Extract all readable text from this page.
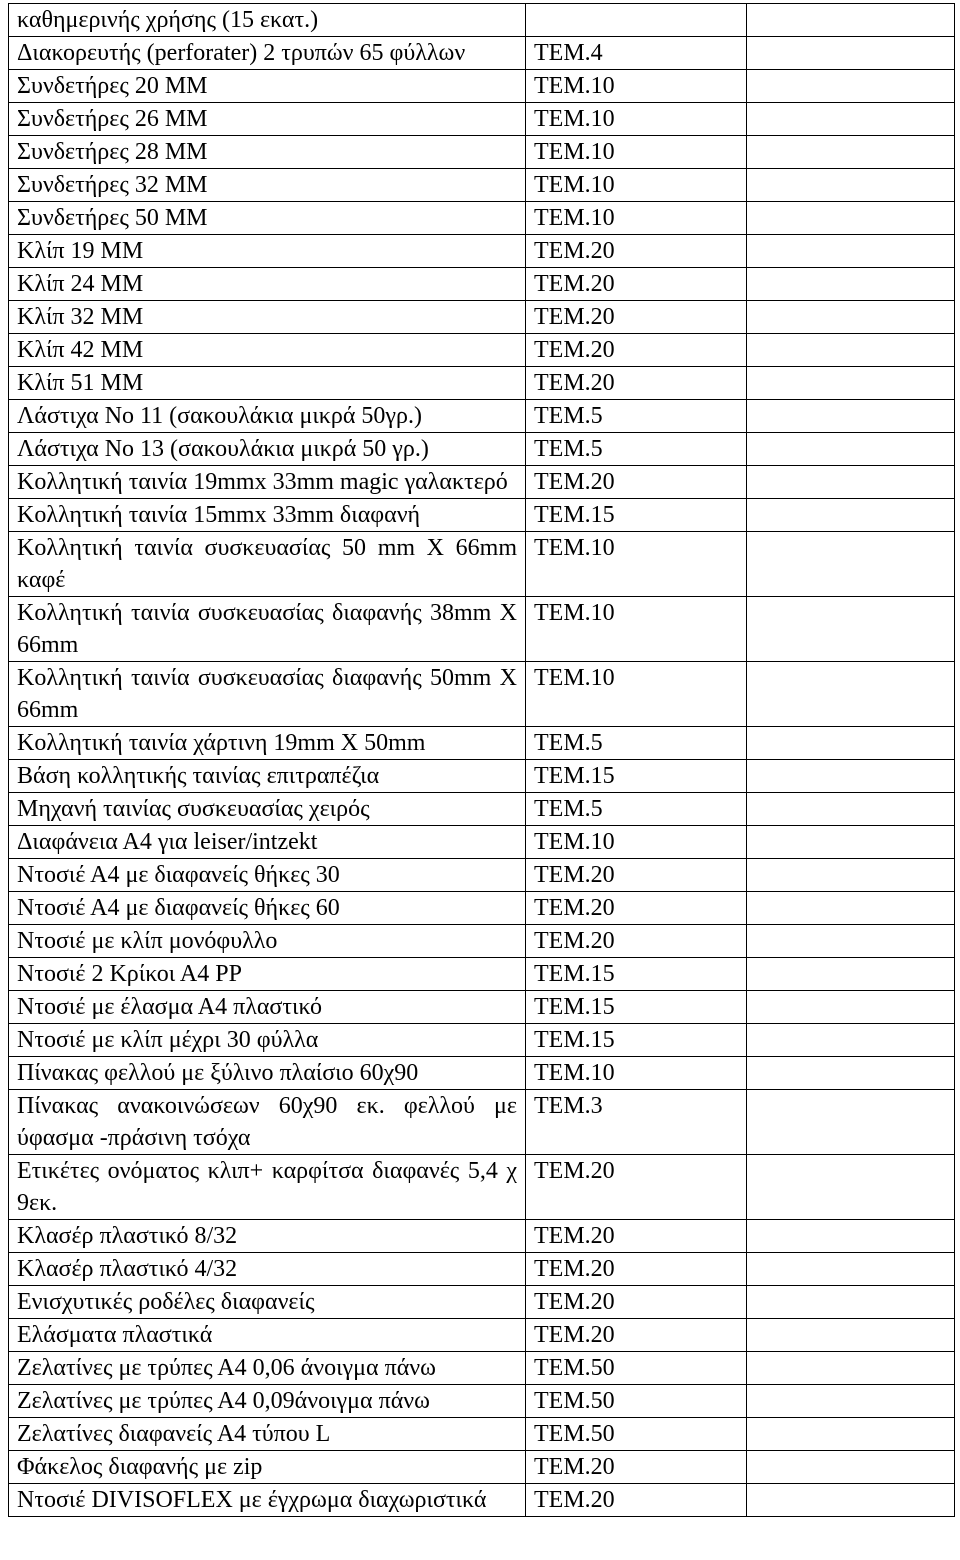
καθημερινής χρήσης (15 εκατ.)		
Διακορευτής (perforater) 2 τρυπών 65 φύλλων	ΤΕΜ.4	
Συνδετήρες 20 ΜΜ	ΤΕΜ.10	
Συνδετήρες 26 ΜΜ	ΤΕΜ.10	
Συνδετήρες 28 ΜΜ	ΤΕΜ.10	
Συνδετήρες 32 ΜΜ	ΤΕΜ.10	
Συνδετήρες 50 ΜΜ	ΤΕΜ.10	
Κλίπ 19 ΜΜ	ΤΕΜ.20	
Κλίπ 24 ΜΜ	ΤΕΜ.20	
Κλίπ 32 ΜΜ	ΤΕΜ.20	
Κλίπ 42 ΜΜ	ΤΕΜ.20	
Κλίπ 51 ΜΜ	ΤΕΜ.20	
Λάστιχα Νο 11 (σακουλάκια μικρά 50γρ.)	ΤΕΜ.5	
Λάστιχα Νο 13 (σακουλάκια μικρά 50 γρ.)	ΤΕΜ.5	
Κολλητική ταινία 19mmx 33mm magic γαλακτερό	ΤΕΜ.20	
Κολλητική ταινία 15mmx 33mm διαφανή	ΤΕΜ.15	
Κολλητική ταινία συσκευασίας 50 mm X 66mm καφέ	ΤΕΜ.10	
Κολλητική ταινία συσκευασίας διαφανής 38mm X 66mm	ΤΕΜ.10	
Κολλητική ταινία συσκευασίας διαφανής 50mm X 66mm	ΤΕΜ.10	
Κολλητική ταινία χάρτινη 19mm X 50mm	ΤΕΜ.5	
Βάση κολλητικής ταινίας επιτραπέζια	ΤΕΜ.15	
Μηχανή ταινίας συσκευασίας χειρός	ΤΕΜ.5	
Διαφάνεια Α4 για leiser/intzekt	ΤΕΜ.10	
Ντοσιέ Α4 με διαφανείς θήκες 30	ΤΕΜ.20	
Ντοσιέ Α4 με διαφανείς θήκες 60	ΤΕΜ.20	
Ντοσιέ με κλίπ μονόφυλλο	ΤΕΜ.20	
Ντοσιέ 2 Κρίκοι Α4 PP	ΤΕΜ.15	
Ντοσιέ με έλασμα Α4 πλαστικό	ΤΕΜ.15	
Ντοσιέ με κλίπ μέχρι 30 φύλλα	ΤΕΜ.15	
Πίνακας φελλού με ξύλινο πλαίσιο 60χ90	ΤΕΜ.10	
Πίνακας ανακοινώσεων 60χ90 εκ. φελλού με ύφασμα -πράσινη τσόχα	ΤΕΜ.3	
Ετικέτες ονόματος κλιπ+ καρφίτσα διαφανές 5,4 χ 9εκ.	ΤΕΜ.20	
Κλασέρ πλαστικό 8/32	ΤΕΜ.20	
Κλασέρ πλαστικό 4/32	ΤΕΜ.20	
Ενισχυτικές ροδέλες διαφανείς	ΤΕΜ.20	
Ελάσματα πλαστικά	ΤΕΜ.20	
Ζελατίνες με τρύπες Α4 0,06 άνοιγμα πάνω	ΤΕΜ.50	
Ζελατίνες με τρύπες Α4 0,09άνοιγμα πάνω	ΤΕΜ.50	
Ζελατίνες διαφανείς Α4 τύπου L	ΤΕΜ.50	
Φάκελος διαφανής με zip	ΤΕΜ.20	
Ντοσιέ DIVISOFLEX με έγχρωμα διαχωριστικά	ΤΕΜ.20	
